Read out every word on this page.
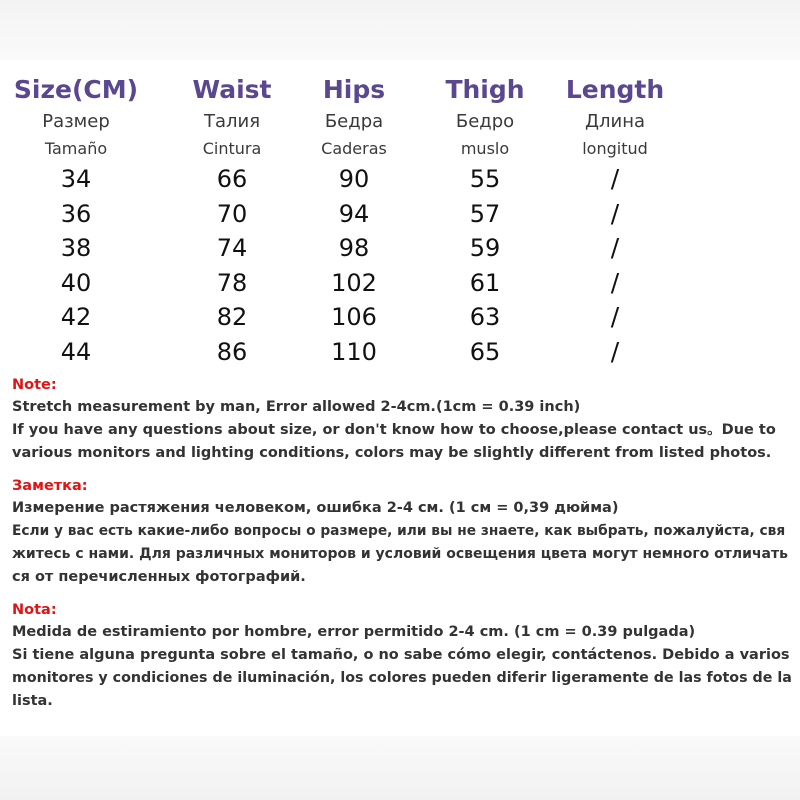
Size(CM)
Размер
Tamaño
34
36
38
40
42
44
Waist
Талия
Cintura
66
70
74
78
82
86
Hips
Бедра
Caderas
90
94
98
102
106
110
Thigh
Бедро
muslo
55
57
59
61
63
65
Length
Длина
longitud
/
/
/
/
/
/
Note:
Stretch measurement by man, Error allowed 2-4cm.(1cm = 0.39 inch)
If you have any questions about size, or don't know how to choose,please contact us。Due to
various monitors and lighting conditions, colors may be slightly different from listed photos.
Заметка:
Измерение растяжения человеком, ошибка 2-4 см. (1 см = 0,39 дюйма)
Если у вас есть какие-либо вопросы о размере, или вы не знаете, как выбрать, пожалуйста, свя
житесь с нами. Для различных мониторов и условий освещения цвета могут немного отличать
ся от перечисленных фотографий.
Nota:
Medida de estiramiento por hombre, error permitido 2-4 cm. (1 cm = 0.39 pulgada)
Si tiene alguna pregunta sobre el tamaño, o no sabe cómo elegir, contáctenos. Debido a varios
monitores y condiciones de iluminación, los colores pueden diferir ligeramente de las fotos de la
lista.
